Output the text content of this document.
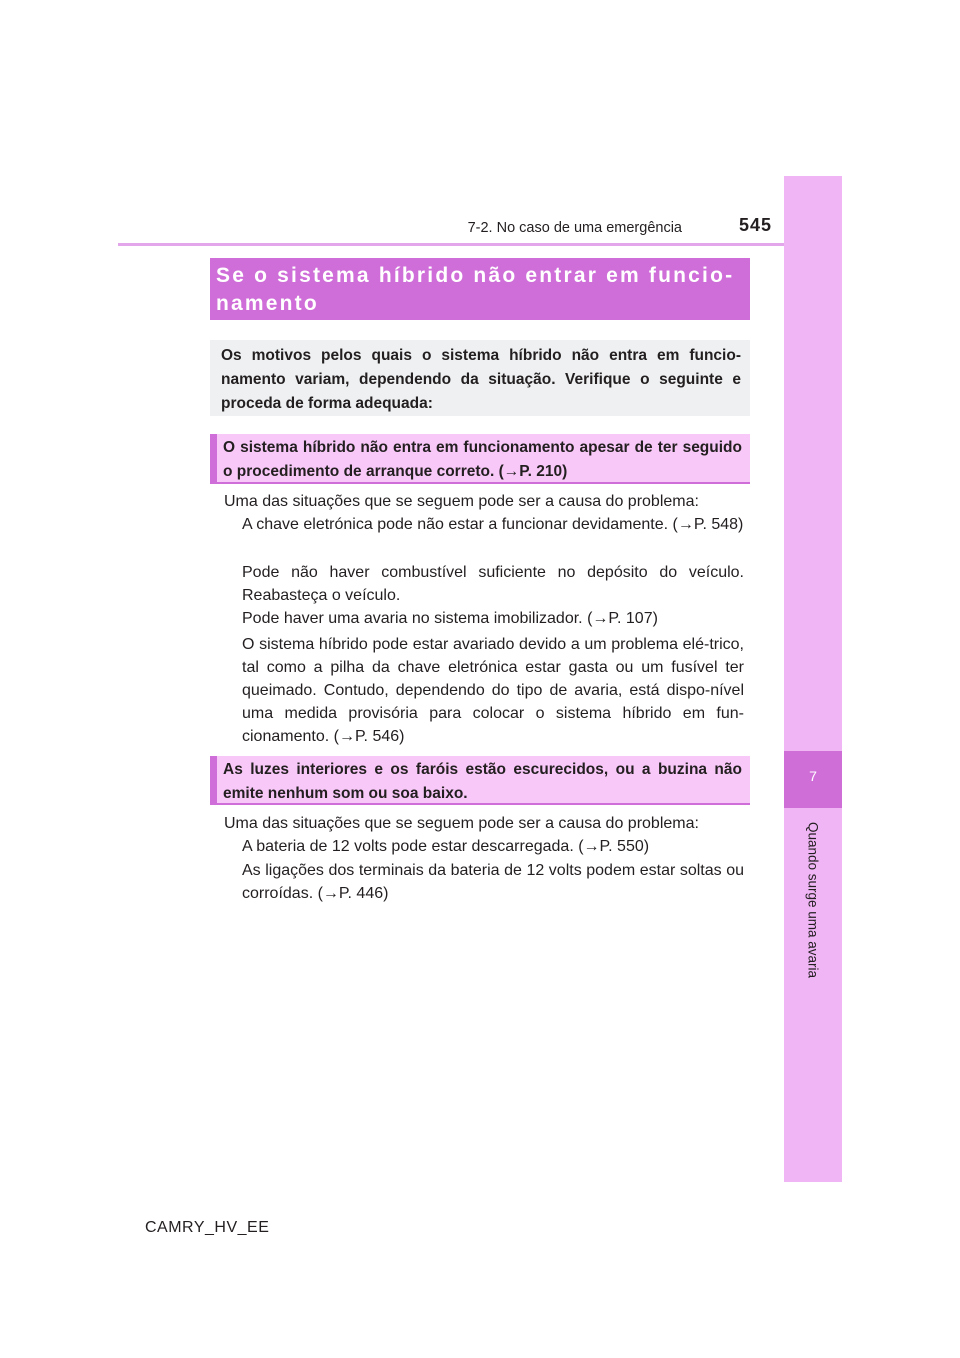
7-2. No caso de uma emergência	545
7
Quando surge uma avaria
Se o sistema híbrido não entrar em funcio-
namento
Os motivos pelos quais o sistema híbrido não entra em funcio-namento variam, dependendo da situação. Verifique o seguinte e proceda de forma adequada:
O sistema híbrido não entra em funcionamento apesar de ter seguido o procedimento de arranque correto. (→P. 210)
Uma das situações que se seguem pode ser a causa do problema:
A chave eletrónica pode não estar a funcionar devidamente. (→P. 548)
Pode não haver combustível suficiente no depósito do veículo. Reabasteça o veículo.
Pode haver uma avaria no sistema imobilizador. (→P. 107)
O sistema híbrido pode estar avariado devido a um problema elé-trico, tal como a pilha da chave eletrónica estar gasta ou um fusível ter queimado. Contudo, dependendo do tipo de avaria, está dispo-nível uma medida provisória para colocar o sistema híbrido em fun-cionamento. (→P. 546)
As luzes interiores e os faróis estão escurecidos, ou a buzina não emite nenhum som ou soa baixo.
Uma das situações que se seguem pode ser a causa do problema:
A bateria de 12 volts pode estar descarregada. (→P. 550)
As ligações dos terminais da bateria de 12 volts podem estar soltas ou corroídas. (→P. 446)
CAMRY_HV_EE
